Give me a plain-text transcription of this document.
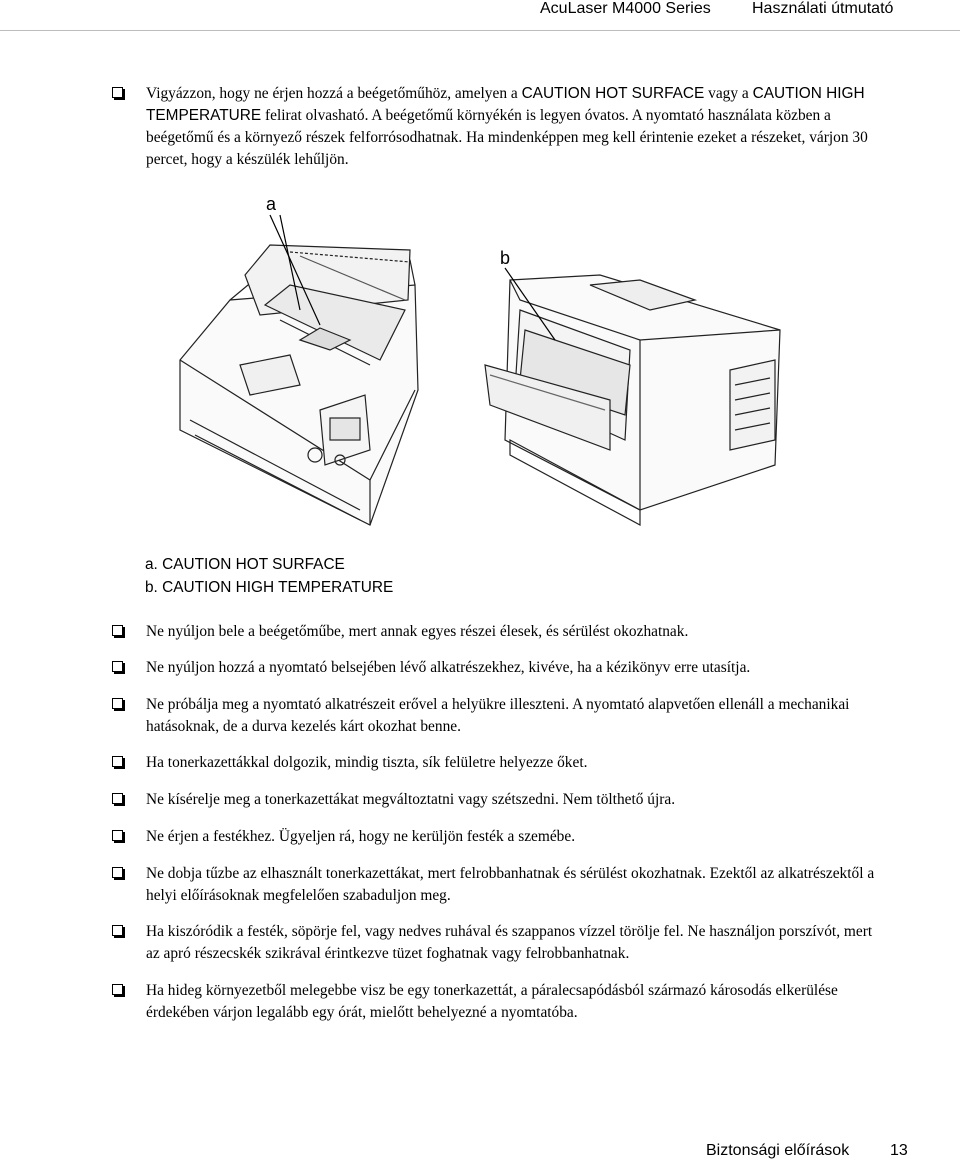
AcuLaser M4000 Series	Használati útmutató
Vigyázzon, hogy ne érjen hozzá a beégetőműhöz, amelyen a CAUTION HOT SURFACE vagy a CAUTION HIGH TEMPERATURE felirat olvasható. A beégetőmű környékén is legyen óvatos. A nyomtató használata közben a beégetőmű és a környező részek felforrósodhatnak. Ha mindenképpen meg kell érintenie ezeket a részeket, várjon 30 percet, hogy a készülék lehűljön.
a
b
a. CAUTION HOT SURFACE
b. CAUTION HIGH TEMPERATURE
Ne nyúljon bele a beégetőműbe, mert annak egyes részei élesek, és sérülést okozhatnak.
Ne nyúljon hozzá a nyomtató belsejében lévő alkatrészekhez, kivéve, ha a kézikönyv erre utasítja.
Ne próbálja meg a nyomtató alkatrészeit erővel a helyükre illeszteni. A nyomtató alapvetően ellenáll a mechanikai hatásoknak, de a durva kezelés kárt okozhat benne.
Ha tonerkazettákkal dolgozik, mindig tiszta, sík felületre helyezze őket.
Ne kísérelje meg a tonerkazettákat megváltoztatni vagy szétszedni. Nem tölthető újra.
Ne érjen a festékhez. Ügyeljen rá, hogy ne kerüljön festék a szemébe.
Ne dobja tűzbe az elhasznált tonerkazettákat, mert felrobbanhatnak és sérülést okozhatnak. Ezektől az alkatrészektől a helyi előírásoknak megfelelően szabaduljon meg.
Ha kiszóródik a festék, söpörje fel, vagy nedves ruhával és szappanos vízzel törölje fel. Ne használjon porszívót, mert az apró részecskék szikrával érintkezve tüzet foghatnak vagy felrobbanhatnak.
Ha hideg környezetből melegebbe visz be egy tonerkazettát, a páralecsapódásból származó károsodás elkerülése érdekében várjon legalább egy órát, mielőtt behelyezné a nyomtatóba.
Biztonsági előírások	13
